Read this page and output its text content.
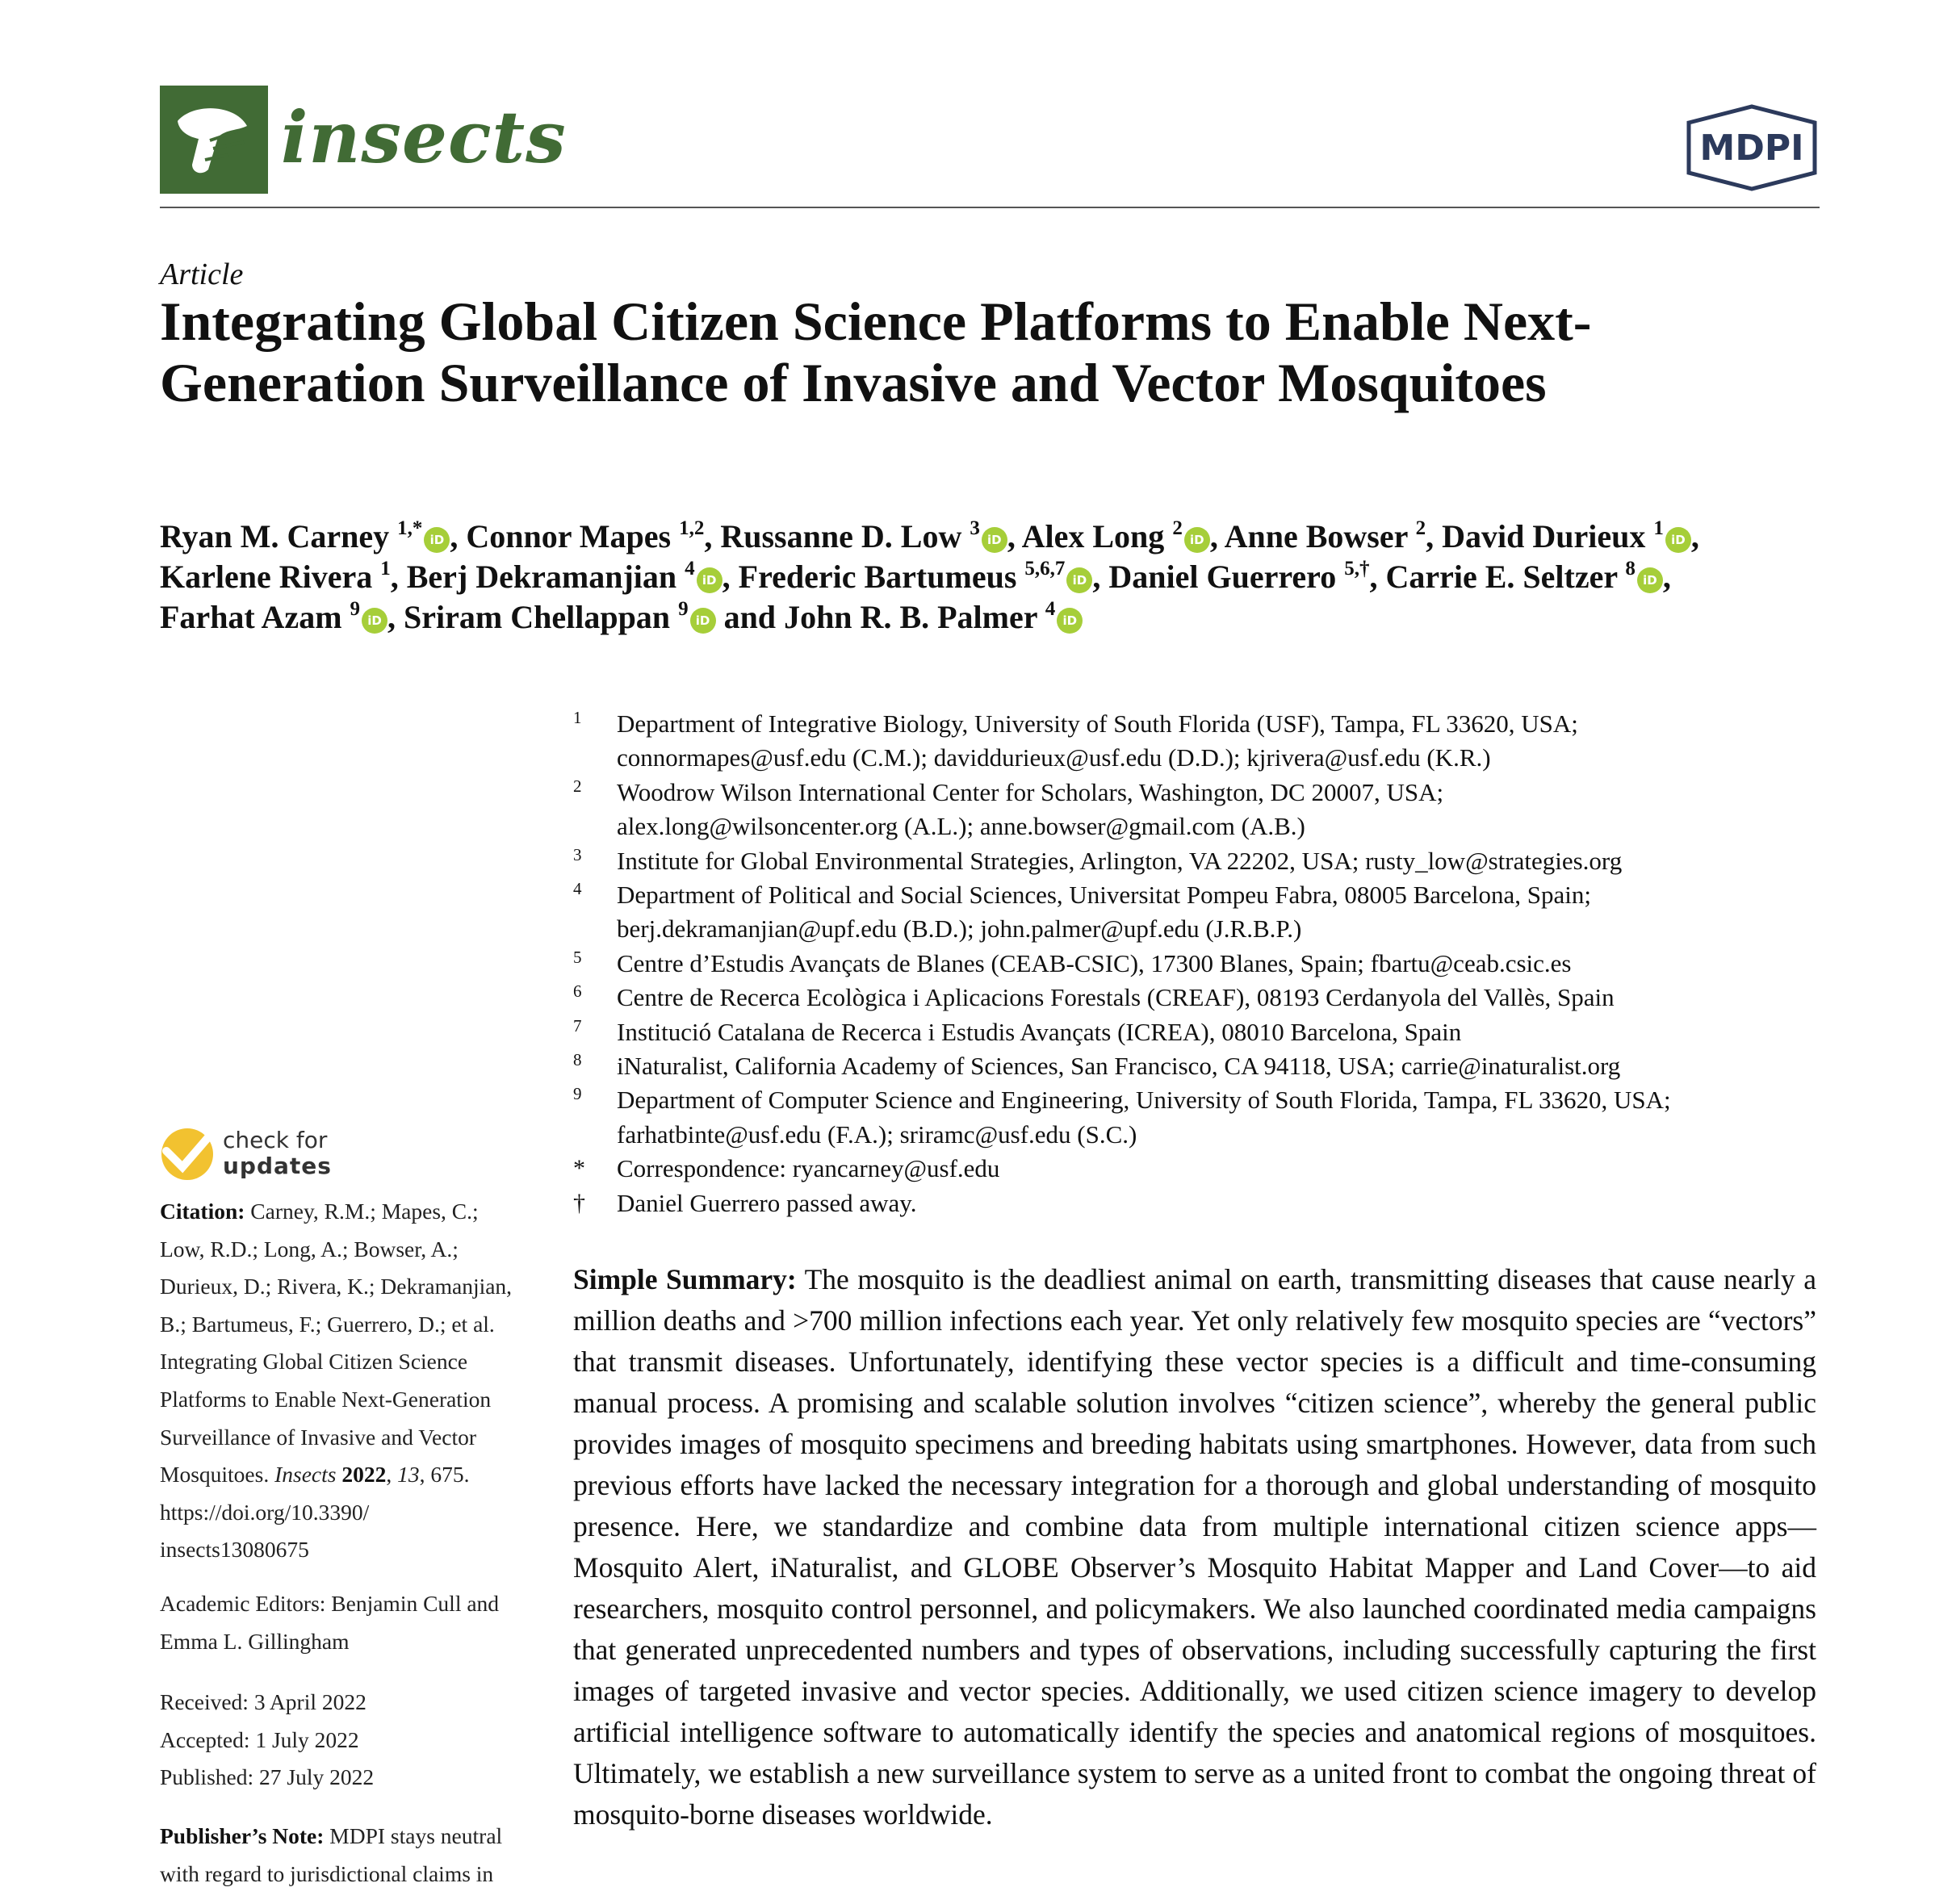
insects	MDPI
Article
Integrating Global Citizen Science Platforms to Enable Next-Generation Surveillance of Invasive and Vector Mosquitoes
Ryan M. Carney $^{1,*}$iD , Connor Mapes $^{1,2}$, Russanne D. Low $^3$iD , Alex Long $^2$iD , Anne Bowser $^2$, David Durieux $^1$iD ,
Karlene Rivera $^1$, Berj Dekramanjian $^4$iD , Frederic Bartumeus $^{5,6,7}$iD , Daniel Guerrero $^{5,\dagger}$, Carrie E. Seltzer $^8$iD ,
Farhat Azam $^9$iD , Sriram Chellappan $^9$iD and John R. B. Palmer $^4$iD
1 Department of Integrative Biology, University of South Florida (USF), Tampa, FL 33620, USA;
connormapes@usf.edu (C.M.); daviddurieux@usf.edu (D.D.); kjrivera@usf.edu (K.R.)
2 Woodrow Wilson International Center for Scholars, Washington, DC 20007, USA;
alex.long@wilsoncenter.org (A.L.); anne.bowser@gmail.com (A.B.)
3 Institute for Global Environmental Strategies, Arlington, VA 22202, USA; rusty_low@strategies.org
4 Department of Political and Social Sciences, Universitat Pompeu Fabra, 08005 Barcelona, Spain;
berj.dekramanjian@upf.edu (B.D.); john.palmer@upf.edu (J.R.B.P.)
5 Centre d’Estudis Avançats de Blanes (CEAB-CSIC), 17300 Blanes, Spain; fbartu@ceab.csic.es
6 Centre de Recerca Ecològica i Aplicacions Forestals (CREAF), 08193 Cerdanyola del Vallès, Spain
7 Institució Catalana de Recerca i Estudis Avançats (ICREA), 08010 Barcelona, Spain
8 iNaturalist, California Academy of Sciences, San Francisco, CA 94118, USA; carrie@inaturalist.org
9 Department of Computer Science and Engineering, University of South Florida, Tampa, FL 33620, USA;
farhatbinte@usf.edu (F.A.); sriramc@usf.edu (S.C.)
* Correspondence: ryancarney@usf.edu
† Daniel Guerrero passed away.
check for
updates
Citation: Carney, R.M.; Mapes, C.;
Low, R.D.; Long, A.; Bowser, A.;
Durieux, D.; Rivera, K.; Dekramanjian,
B.; Bartumeus, F.; Guerrero, D.; et al.
Integrating Global Citizen Science
Platforms to Enable Next-Generation
Surveillance of Invasive and Vector
Mosquitoes. Insects 2022, 13, 675.
https://doi.org/10.3390/
insects13080675
Academic Editors: Benjamin Cull and
Emma L. Gillingham
Received: 3 April 2022
Accepted: 1 July 2022
Published: 27 July 2022
Publisher’s Note: MDPI stays neutral
with regard to jurisdictional claims in
Simple Summary: The mosquito is the deadliest animal on earth, transmitting diseases that cause nearly a million deaths and >700 million infections each year. Yet only relatively few mosquito species are “vectors” that transmit diseases. Unfortunately, identifying these vector species is a difficult and time-consuming manual process. A promising and scalable solution involves “citizen science”, whereby the general public provides images of mosquito specimens and breeding habitats using smartphones. However, data from such previous efforts have lacked the necessary integration for a thorough and global understanding of mosquito presence. Here, we standardize and combine data from multiple international citizen science apps—Mosquito Alert, iNaturalist, and GLOBE Observer’s Mosquito Habitat Mapper and Land Cover—to aid researchers, mosquito control personnel, and policymakers. We also launched coordinated media campaigns that generated unprecedented numbers and types of observations, including successfully capturing the first images of targeted invasive and vector species. Additionally, we used citizen science imagery to develop artificial intelligence software to automatically identify the species and anatomical regions of mosquitoes. Ultimately, we establish a new surveillance system to serve as a united front to combat the ongoing threat of mosquito-borne diseases worldwide.
